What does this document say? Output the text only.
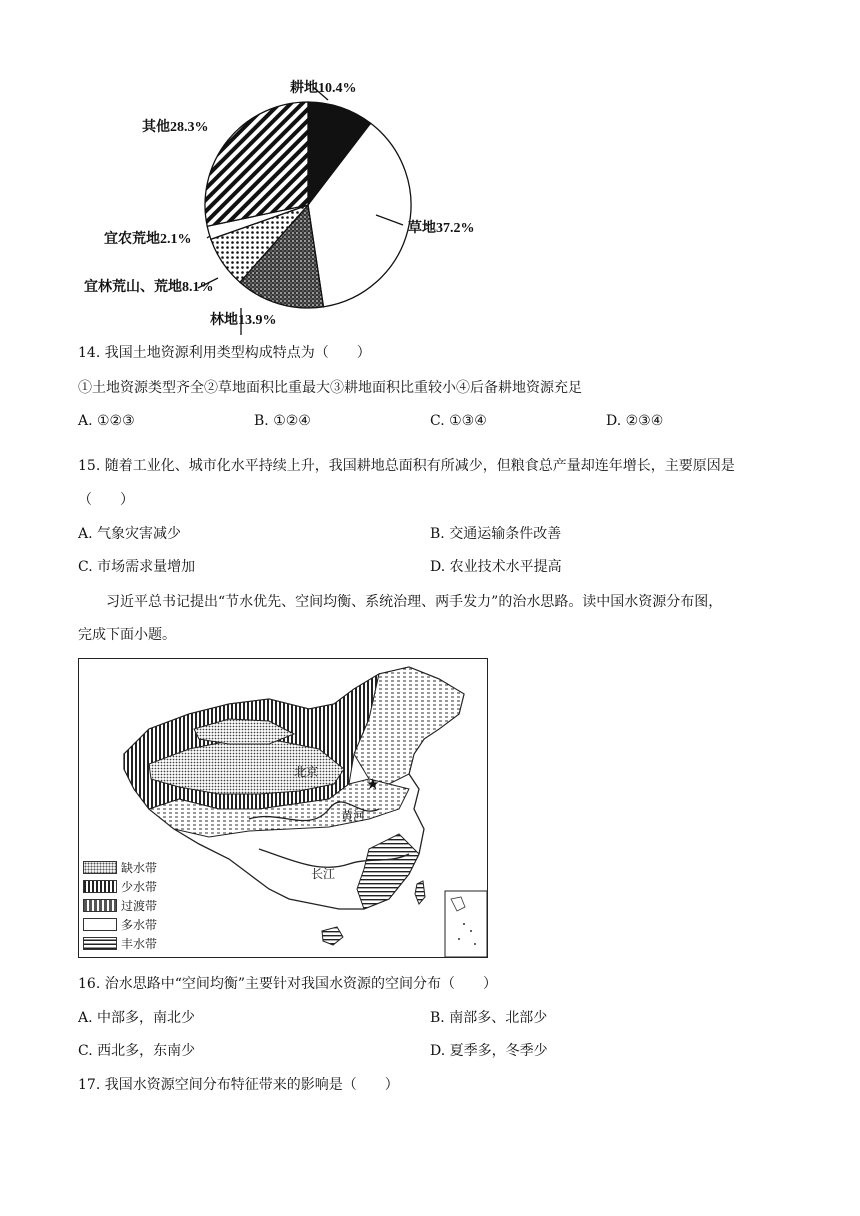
耕地10.4%
草地37.2%
林地13.9%
宜林荒山、荒地8.1%
宜农荒地2.1%
其他28.3%
14. 我国土地资源利用类型构成特点为（　　）
①土地资源类型齐全②草地面积比重最大③耕地面积比重较小④后备耕地资源充足
A. ①②③	B. ①②④	C. ①③④	D. ②③④
15. 随着工业化、城市化水平持续上升，我国耕地总面积有所减少，但粮食总产量却连年增长，主要原因是
（　　）
A. 气象灾害减少	B. 交通运输条件改善
C. 市场需求量增加	D. 农业技术水平提高
习近平总书记提出“节水优先、空间均衡、系统治理、两手发力”的治水思路。读中国水资源分布图，
完成下面小题。
★
北京
黄河
长江
缺水带
少水带
过渡带
多水带
丰水带
16. 治水思路中“空间均衡”主要针对我国水资源的空间分布（　　）
A. 中部多，南北少	B. 南部多、北部少
C. 西北多，东南少	D. 夏季多，冬季少
17. 我国水资源空间分布特征带来的影响是（　　）
